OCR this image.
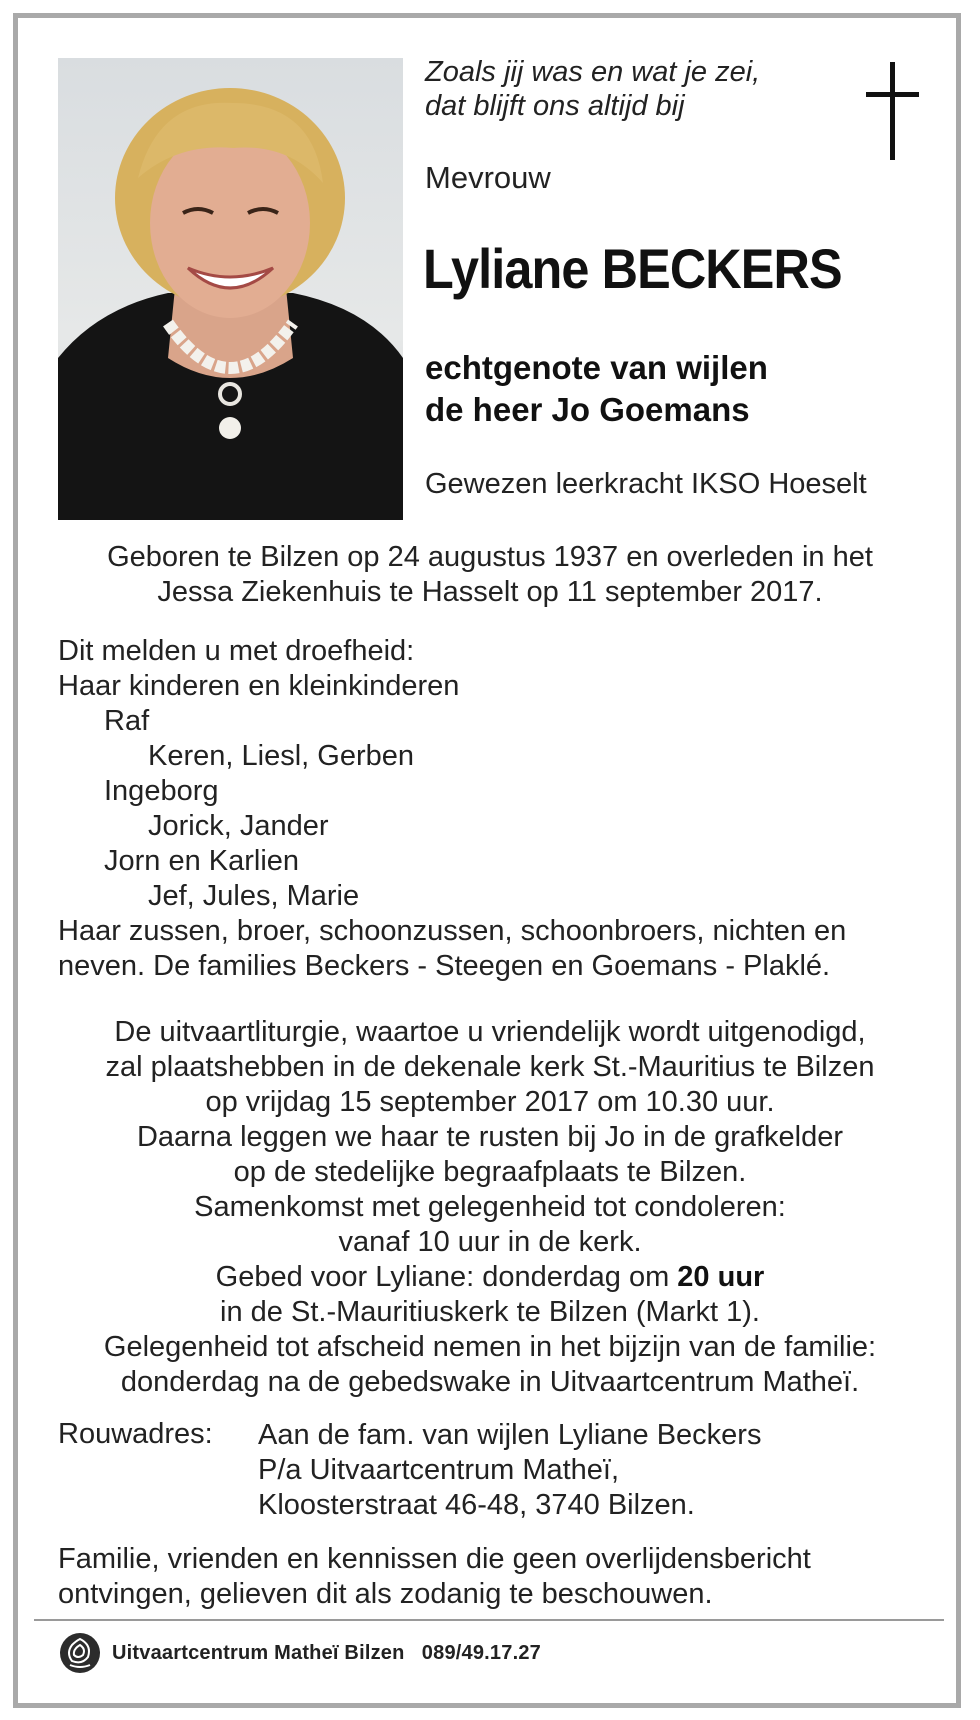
Zoals jij was en wat je zei,
dat blijft ons altijd bij
Mevrouw
Lyliane BECKERS
echtgenote van wijlen
de heer Jo Goemans
Gewezen leerkracht IKSO Hoeselt
Geboren te Bilzen op 24 augustus 1937 en overleden in het
Jessa Ziekenhuis te Hasselt op 11 september 2017.
Dit melden u met droefheid:
Haar kinderen en kleinkinderen
Raf
Keren, Liesl, Gerben
Ingeborg
Jorick, Jander
Jorn en Karlien
Jef, Jules, Marie
Haar zussen, broer, schoonzussen, schoonbroers, nichten en
neven. De families Beckers - Steegen en Goemans - Plaklé.
De uitvaartliturgie, waartoe u vriendelijk wordt uitgenodigd,
zal plaatshebben in de dekenale kerk St.-Mauritius te Bilzen
op vrijdag 15 september 2017 om 10.30 uur.
Daarna leggen we haar te rusten bij Jo in de grafkelder
op de stedelijke begraafplaats te Bilzen.
Samenkomst met gelegenheid tot condoleren:
vanaf 10 uur in de kerk.
Gebed voor Lyliane: donderdag om 20 uur
in de St.-Mauritiuskerk te Bilzen (Markt 1).
Gelegenheid tot afscheid nemen in het bijzijn van de familie:
donderdag na de gebedswake in Uitvaartcentrum Matheï.
Rouwadres: Aan de fam. van wijlen Lyliane Beckers
P/a Uitvaartcentrum Matheï,
Kloosterstraat 46-48, 3740 Bilzen.
Familie, vrienden en kennissen die geen overlijdensbericht
ontvingen, gelieven dit als zodanig te beschouwen.
Uitvaartcentrum Matheï Bilzen   089/49.17.27
